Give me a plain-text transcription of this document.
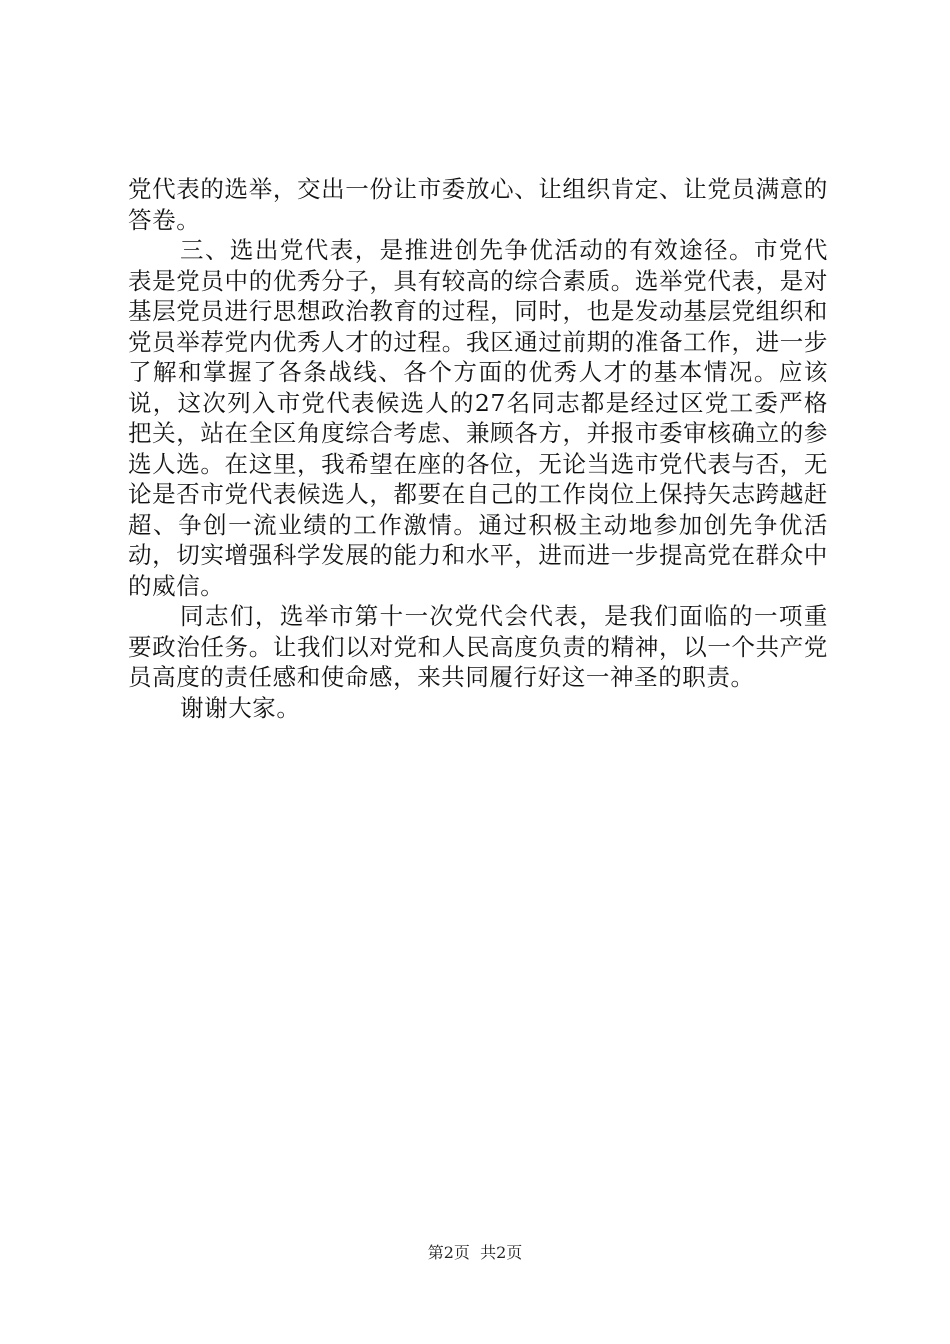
党代表的选举，交出一份让市委放心、让组织肯定、让党员满意的答卷。

三、选出党代表，是推进创先争优活动的有效途径。市党代表是党员中的优秀分子，具有较高的综合素质。选举党代表，是对基层党员进行思想政治教育的过程，同时，也是发动基层党组织和党员举荐党内优秀人才的过程。我区通过前期的准备工作，进一步了解和掌握了各条战线、各个方面的优秀人才的基本情况。应该说，这次列入市党代表候选人的27名同志都是经过区党工委严格把关，站在全区角度综合考虑、兼顾各方，并报市委审核确立的参选人选。在这里，我希望在座的各位，无论当选市党代表与否，无论是否市党代表候选人，都要在自己的工作岗位上保持矢志跨越赶超、争创一流业绩的工作激情。通过积极主动地参加创先争优活动，切实增强科学发展的能力和水平，进而进一步提高党在群众中的威信。

同志们，选举市第十一次党代会代表，是我们面临的一项重要政治任务。让我们以对党和人民高度负责的精神，以一个共产党员高度的责任感和使命感，来共同履行好这一神圣的职责。

谢谢大家。

第2页  共2页
